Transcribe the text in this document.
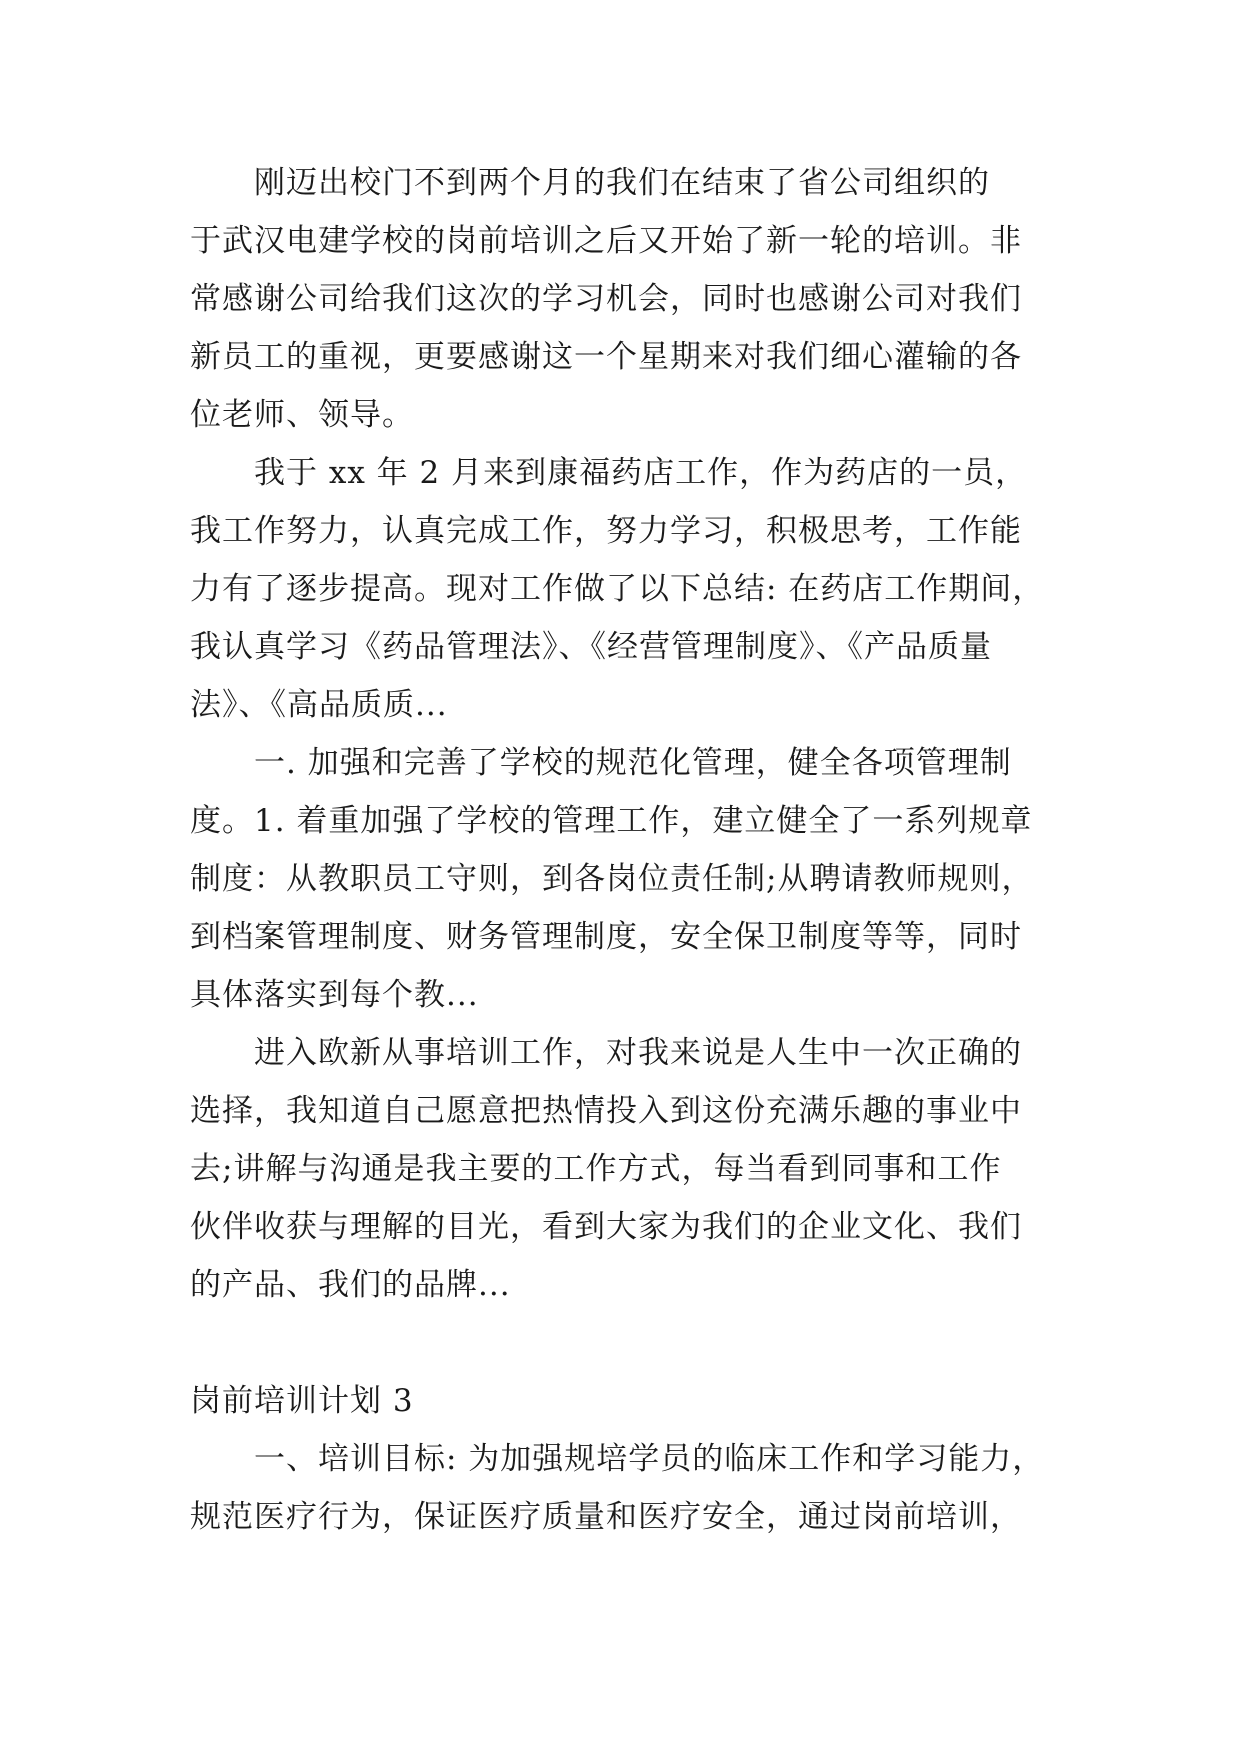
刚迈出校门不到两个月的我们在结束了省公司组织的
于武汉电建学校的岗前培训之后又开始了新一轮的培训。非
常感谢公司给我们这次的学习机会，同时也感谢公司对我们
新员工的重视，更要感谢这一个星期来对我们细心灌输的各
位老师、领导。
我于 xx 年 2 月来到康福药店工作，作为药店的一员，
我工作努力，认真完成工作，努力学习，积极思考，工作能
力有了逐步提高。现对工作做了以下总结: 在药店工作期间，
我认真学习《药品管理法》、《经营管理制度》、《产品质量
法》、《高品质质...
一. 加强和完善了学校的规范化管理，健全各项管理制
度。1. 着重加强了学校的管理工作，建立健全了一系列规章
制度：从教职员工守则，到各岗位责任制;从聘请教师规则，
到档案管理制度、财务管理制度，安全保卫制度等等，同时
具体落实到每个教...
进入欧新从事培训工作，对我来说是人生中一次正确的
选择，我知道自己愿意把热情投入到这份充满乐趣的事业中
去;讲解与沟通是我主要的工作方式，每当看到同事和工作
伙伴收获与理解的目光，看到大家为我们的企业文化、我们
的产品、我们的品牌...
岗前培训计划 3
一、培训目标: 为加强规培学员的临床工作和学习能力，
规范医疗行为，保证医疗质量和医疗安全，通过岗前培训，
